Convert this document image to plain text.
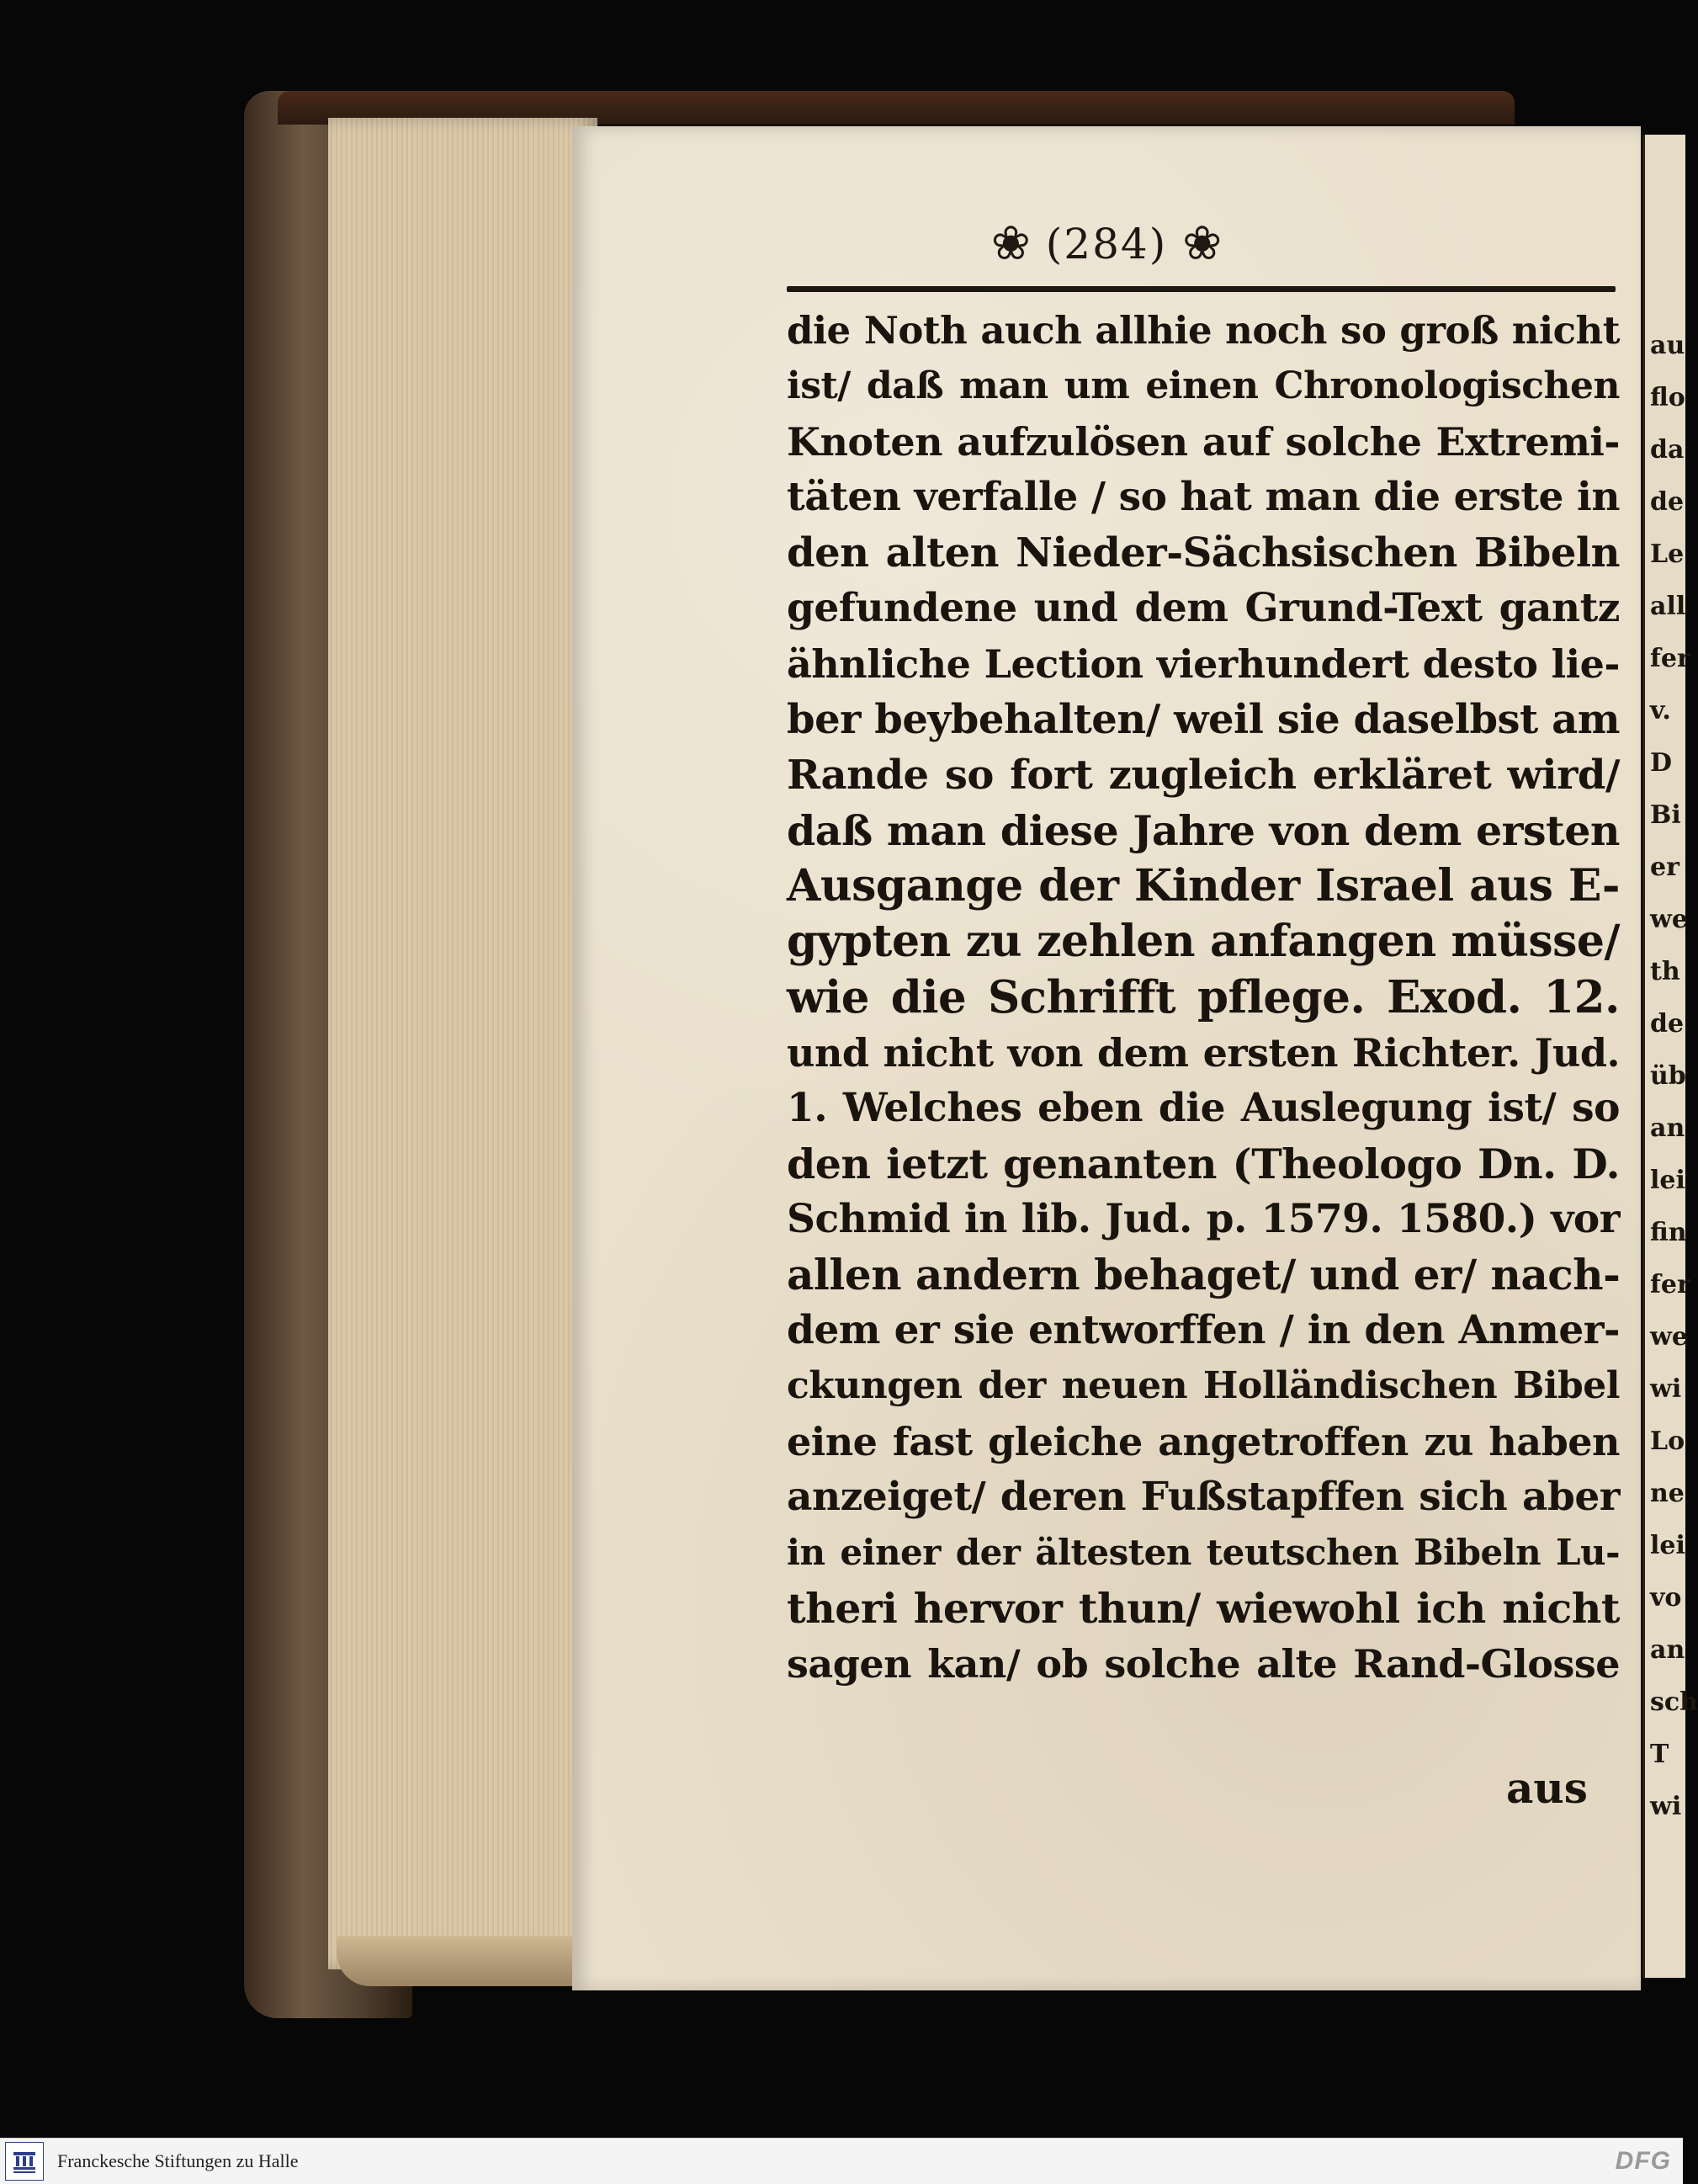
au
flo
da
de
Le
all
fer
v.
D
Bi
er
we
th
de
üb
an
lei
fin
fer
we
wi
Lo
ne
lei
vo
an
sch
T
wi
❀ (284) ❀
die Noth auch allhie noch so groß nicht
ist/ daß man um einen Chronologischen
Knoten aufzulösen auf solche Extremi-
täten verfalle / so hat man die erste in
den alten Nieder-Sächsischen Bibeln
gefundene und dem Grund-Text gantz
ähnliche Lection vierhundert desto lie-
ber beybehalten/ weil sie daselbst am
Rande so fort zugleich erkläret wird/
daß man diese Jahre von dem ersten
Ausgange der Kinder Israel aus E-
gypten zu zehlen anfangen müsse/
wie die Schrifft pflege. Exod. 12.
und nicht von dem ersten Richter. Jud.
1. Welches eben die Auslegung ist/ so
den ietzt genanten (Theologo Dn. D.
Schmid in lib. Jud. p. 1579. 1580.) vor
allen andern behaget/ und er/ nach-
dem er sie entworffen / in den Anmer-
ckungen der neuen Holländischen Bibel
eine fast gleiche angetroffen zu haben
anzeiget/ deren Fußstapffen sich aber
in einer der ältesten teutschen Bibeln Lu-
theri hervor thun/ wiewohl ich nicht
sagen kan/ ob solche alte Rand-Glosse
aus
Franckesche Stiftungen zu Halle	DFG
